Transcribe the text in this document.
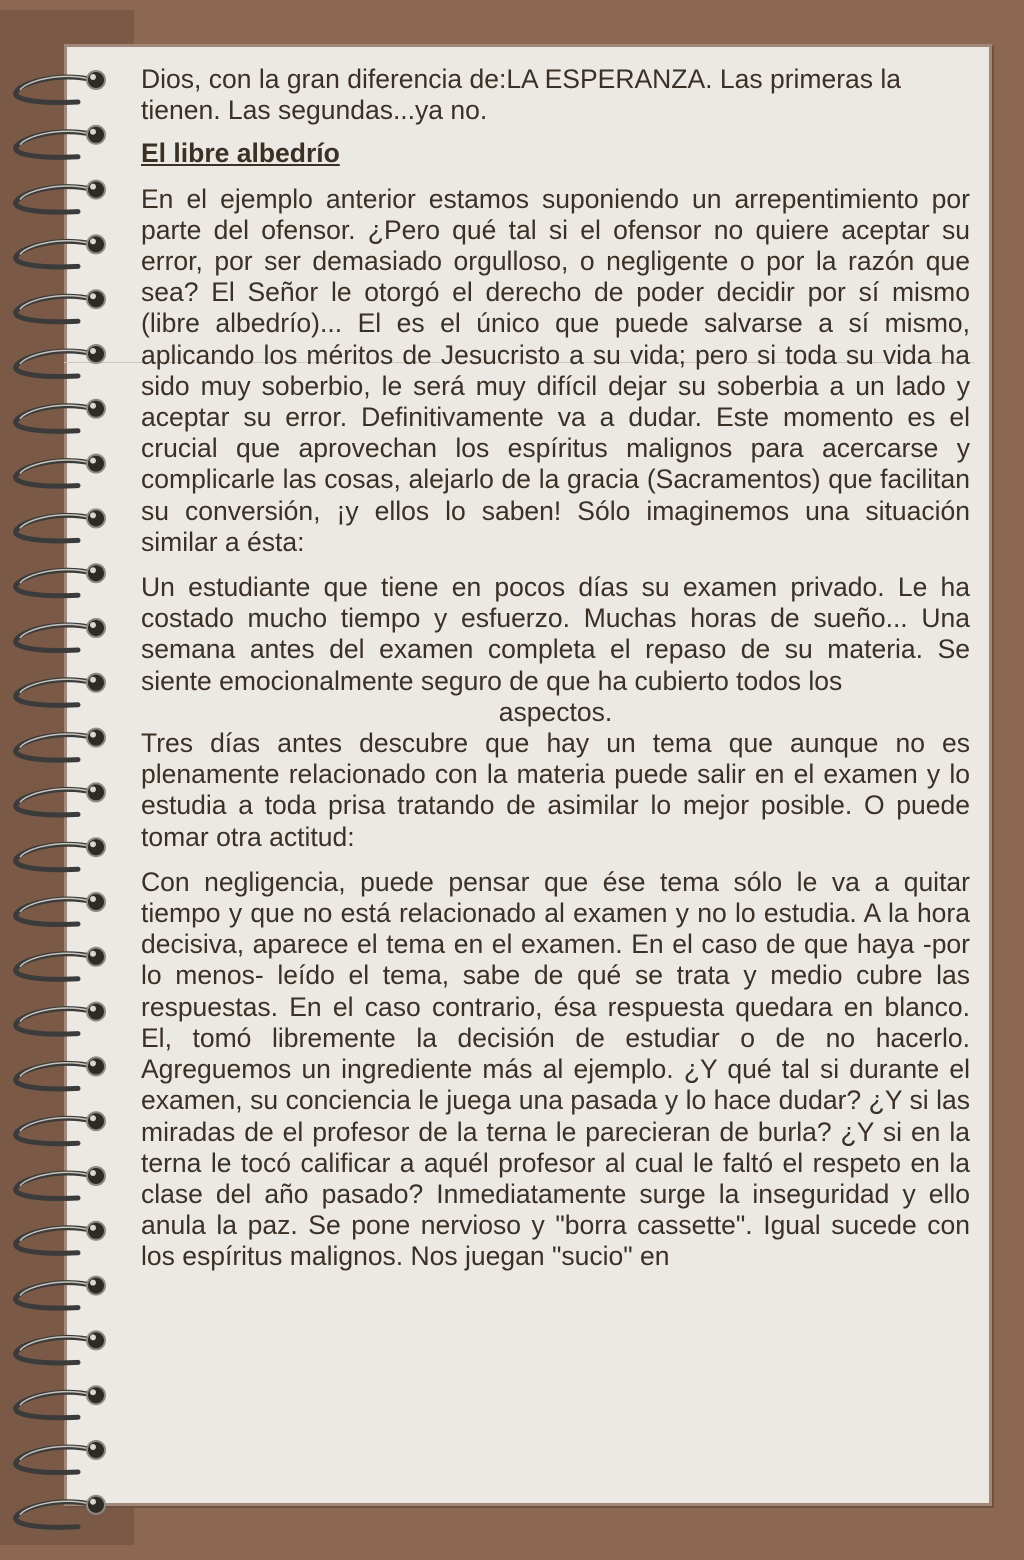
Dios, con la gran diferencia de:LA ESPERANZA. Las primeras la tienen. Las segundas...ya no.

El libre albedrío

En el ejemplo anterior estamos suponiendo un arrepentimiento por parte del ofensor. ¿Pero qué tal si el ofensor no quiere aceptar su error, por ser demasiado orgulloso, o negligente o por la razón que sea? El Señor le otorgó el derecho de poder decidir por sí mismo (libre albedrío)... El es el único que puede salvarse a sí mismo, aplicando los méritos de Jesucristo a su vida; pero si toda su vida ha sido muy soberbio, le será muy difícil dejar su soberbia a un lado y aceptar su error. Definitivamente va a dudar. Este momento es el crucial que aprovechan los espíritus malignos para acercarse y complicarle las cosas, alejarlo de la gracia (Sacramentos) que facilitan su conversión, ¡y ellos lo saben! Sólo imaginemos una situación similar a ésta:

Un estudiante que tiene en pocos días su examen privado. Le ha costado mucho tiempo y esfuerzo. Muchas horas de sueño... Una semana antes del examen completa el repaso de su materia. Se siente emocionalmente seguro de que ha cubierto todos los

aspectos.

Tres días antes descubre que hay un tema que aunque no es plenamente relacionado con la materia puede salir en el examen y lo estudia a toda prisa tratando de asimilar lo mejor posible. O puede tomar otra actitud:

Con negligencia, puede pensar que ése tema sólo le va a quitar tiempo y que no está relacionado al examen y no lo estudia. A la hora decisiva, aparece el tema en el examen. En el caso de que haya -por lo menos- leído el tema, sabe de qué se trata y medio cubre las respuestas. En el caso contrario, ésa respuesta quedara en blanco. El, tomó libremente la decisión de estudiar o de no hacerlo. Agreguemos un ingrediente más al ejemplo. ¿Y qué tal si durante el examen, su conciencia le juega una pasada y lo hace dudar? ¿Y si las miradas de el profesor de la terna le parecieran de burla? ¿Y si en la terna le tocó calificar a aquél profesor al cual le faltó el respeto en la clase del año pasado? Inmediatamente surge la inseguridad y ello anula la paz. Se pone nervioso y "borra cassette". Igual sucede con los espíritus malignos. Nos juegan "sucio" en
